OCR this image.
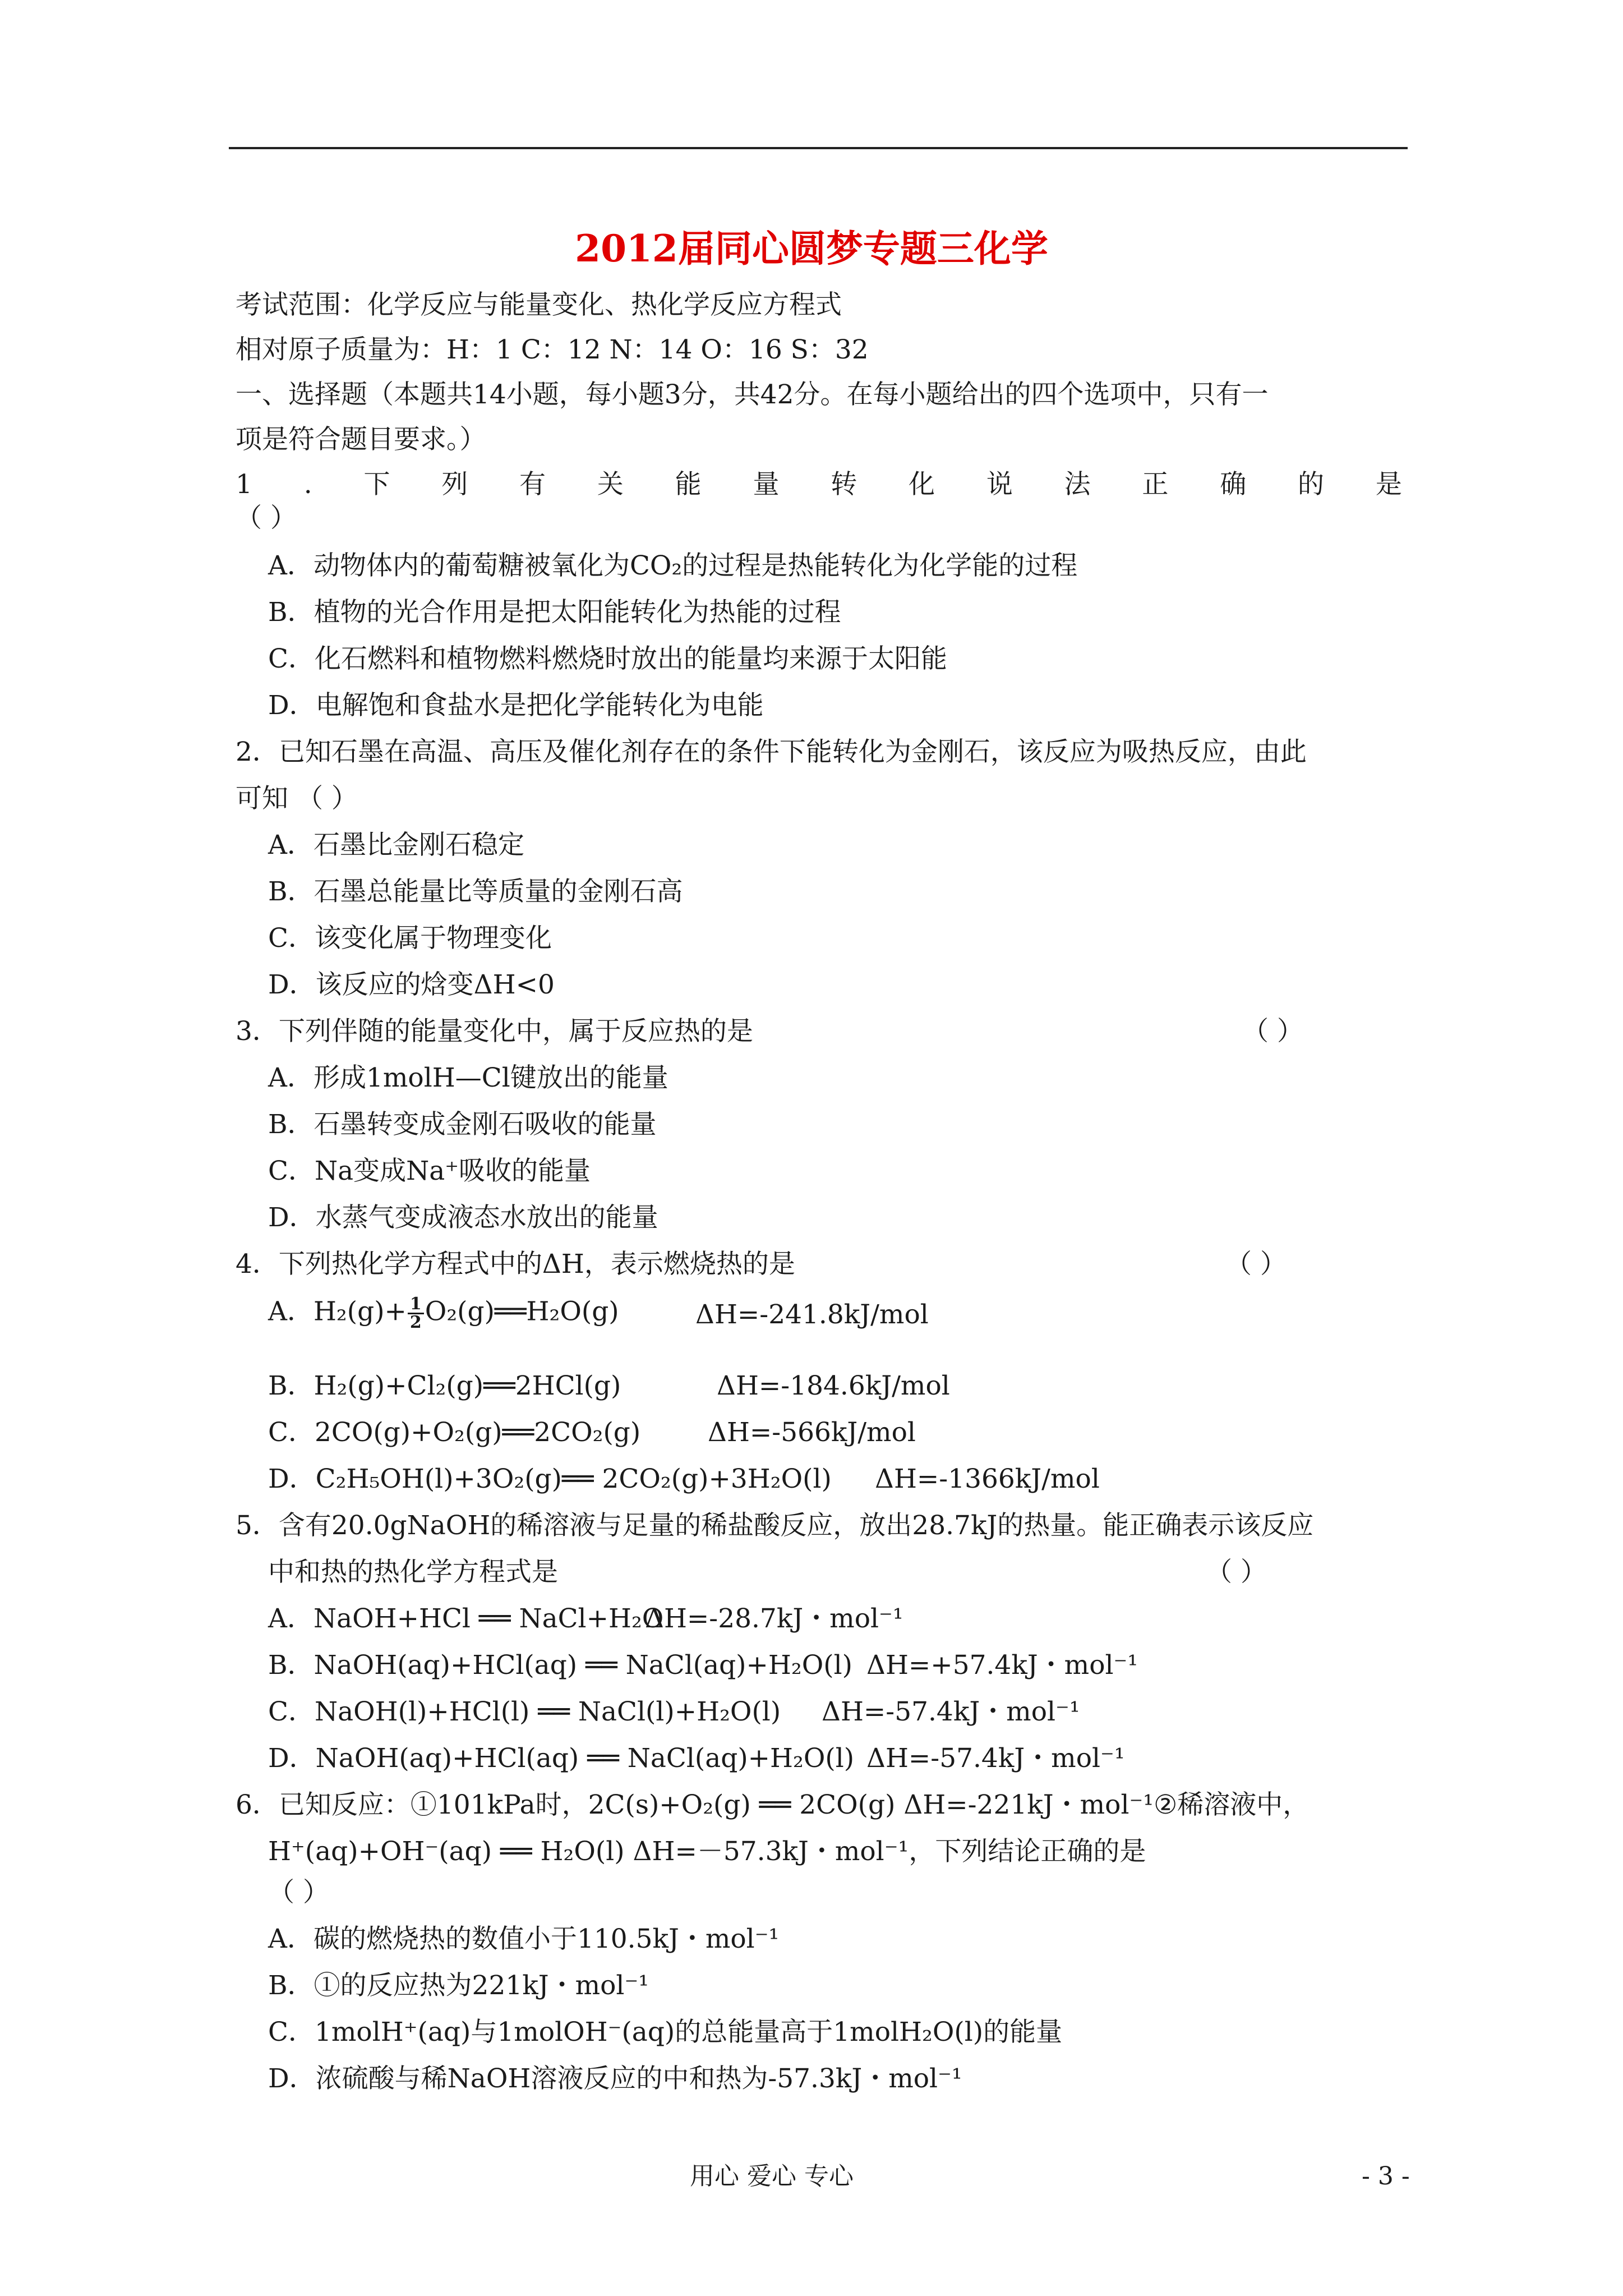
2012届同心圆梦专题三化学
考试范围：化学反应与能量变化、热化学反应方程式
相对原子质量为：H：1 C：12 N：14 O：16 S：32
一、选择题（本题共14小题，每小题3分，共42分。在每小题给出的四个选项中，只有一
项是符合题目要求。）
1 . 下 列 有 关 能 量 转 化 说 法 正 确 的 是
（ ）
A．动物体内的葡萄糖被氧化为CO₂的过程是热能转化为化学能的过程
B．植物的光合作用是把太阳能转化为热能的过程
C．化石燃料和植物燃料燃烧时放出的能量均来源于太阳能
D．电解饱和食盐水是把化学能转化为电能
2．已知石墨在高温、高压及催化剂存在的条件下能转化为金刚石，该反应为吸热反应，由此
可知 （ ）
A．石墨比金刚石稳定
B．石墨总能量比等质量的金刚石高
C．该变化属于物理变化
D．该反应的焓变ΔH<0
3．下列伴随的能量变化中，属于反应热的是	（ ）
A．形成1molH—Cl键放出的能量
B．石墨转变成金刚石吸收的能量
C．Na变成Na⁺吸收的能量
D．水蒸气变成液态水放出的能量
4．下列热化学方程式中的ΔH，表示燃烧热的是	（ ）
A．$H_2(g)+ \frac{1}{2}$ O₂(g)══H₂O(g)	ΔH=-241.8kJ/mol
B．H₂(g)+Cl₂(g)══2HCl(g)	ΔH=-184.6kJ/mol
C．2CO(g)+O₂(g)══2CO₂(g)	ΔH=-566kJ/mol
D．C₂H₅OH(l)+3O₂(g)══ 2CO₂(g)+3H₂O(l) ΔH=-1366kJ/mol
5．含有20.0gNaOH的稀溶液与足量的稀盐酸反应，放出28.7kJ的热量。能正确表示该反应
中和热的热化学方程式是	（ ）
A．NaOH+HCl ══ NaCl+H₂O
ΔH=-28.7kJ・mol⁻¹
B．NaOH(aq)+HCl(aq) ══ NaCl(aq)+H₂O(l) ΔH=+57.4kJ・mol⁻¹
C．NaOH(l)+HCl(l) ══ NaCl(l)+H₂O(l) ΔH=-57.4kJ・mol⁻¹
D．NaOH(aq)+HCl(aq) ══ NaCl(aq)+H₂O(l) ΔH=-57.4kJ・mol⁻¹
6．已知反应：①101kPa时，2C(s)+O₂(g) ══ 2CO(g) ΔH=-221kJ・mol⁻¹②稀溶液中，
H⁺(aq)+OH⁻(aq) ══ H₂O(l) ΔH=－57.3kJ・mol⁻¹，下列结论正确的是
（ ）
A．碳的燃烧热的数值小于110.5kJ・mol⁻¹
B．①的反应热为221kJ・mol⁻¹
C．1molH⁺(aq)与1molOH⁻(aq)的总能量高于1molH₂O(l)的能量
D．浓硫酸与稀NaOH溶液反应的中和热为-57.3kJ・mol⁻¹
用心 爱心 专心	- 3 -
